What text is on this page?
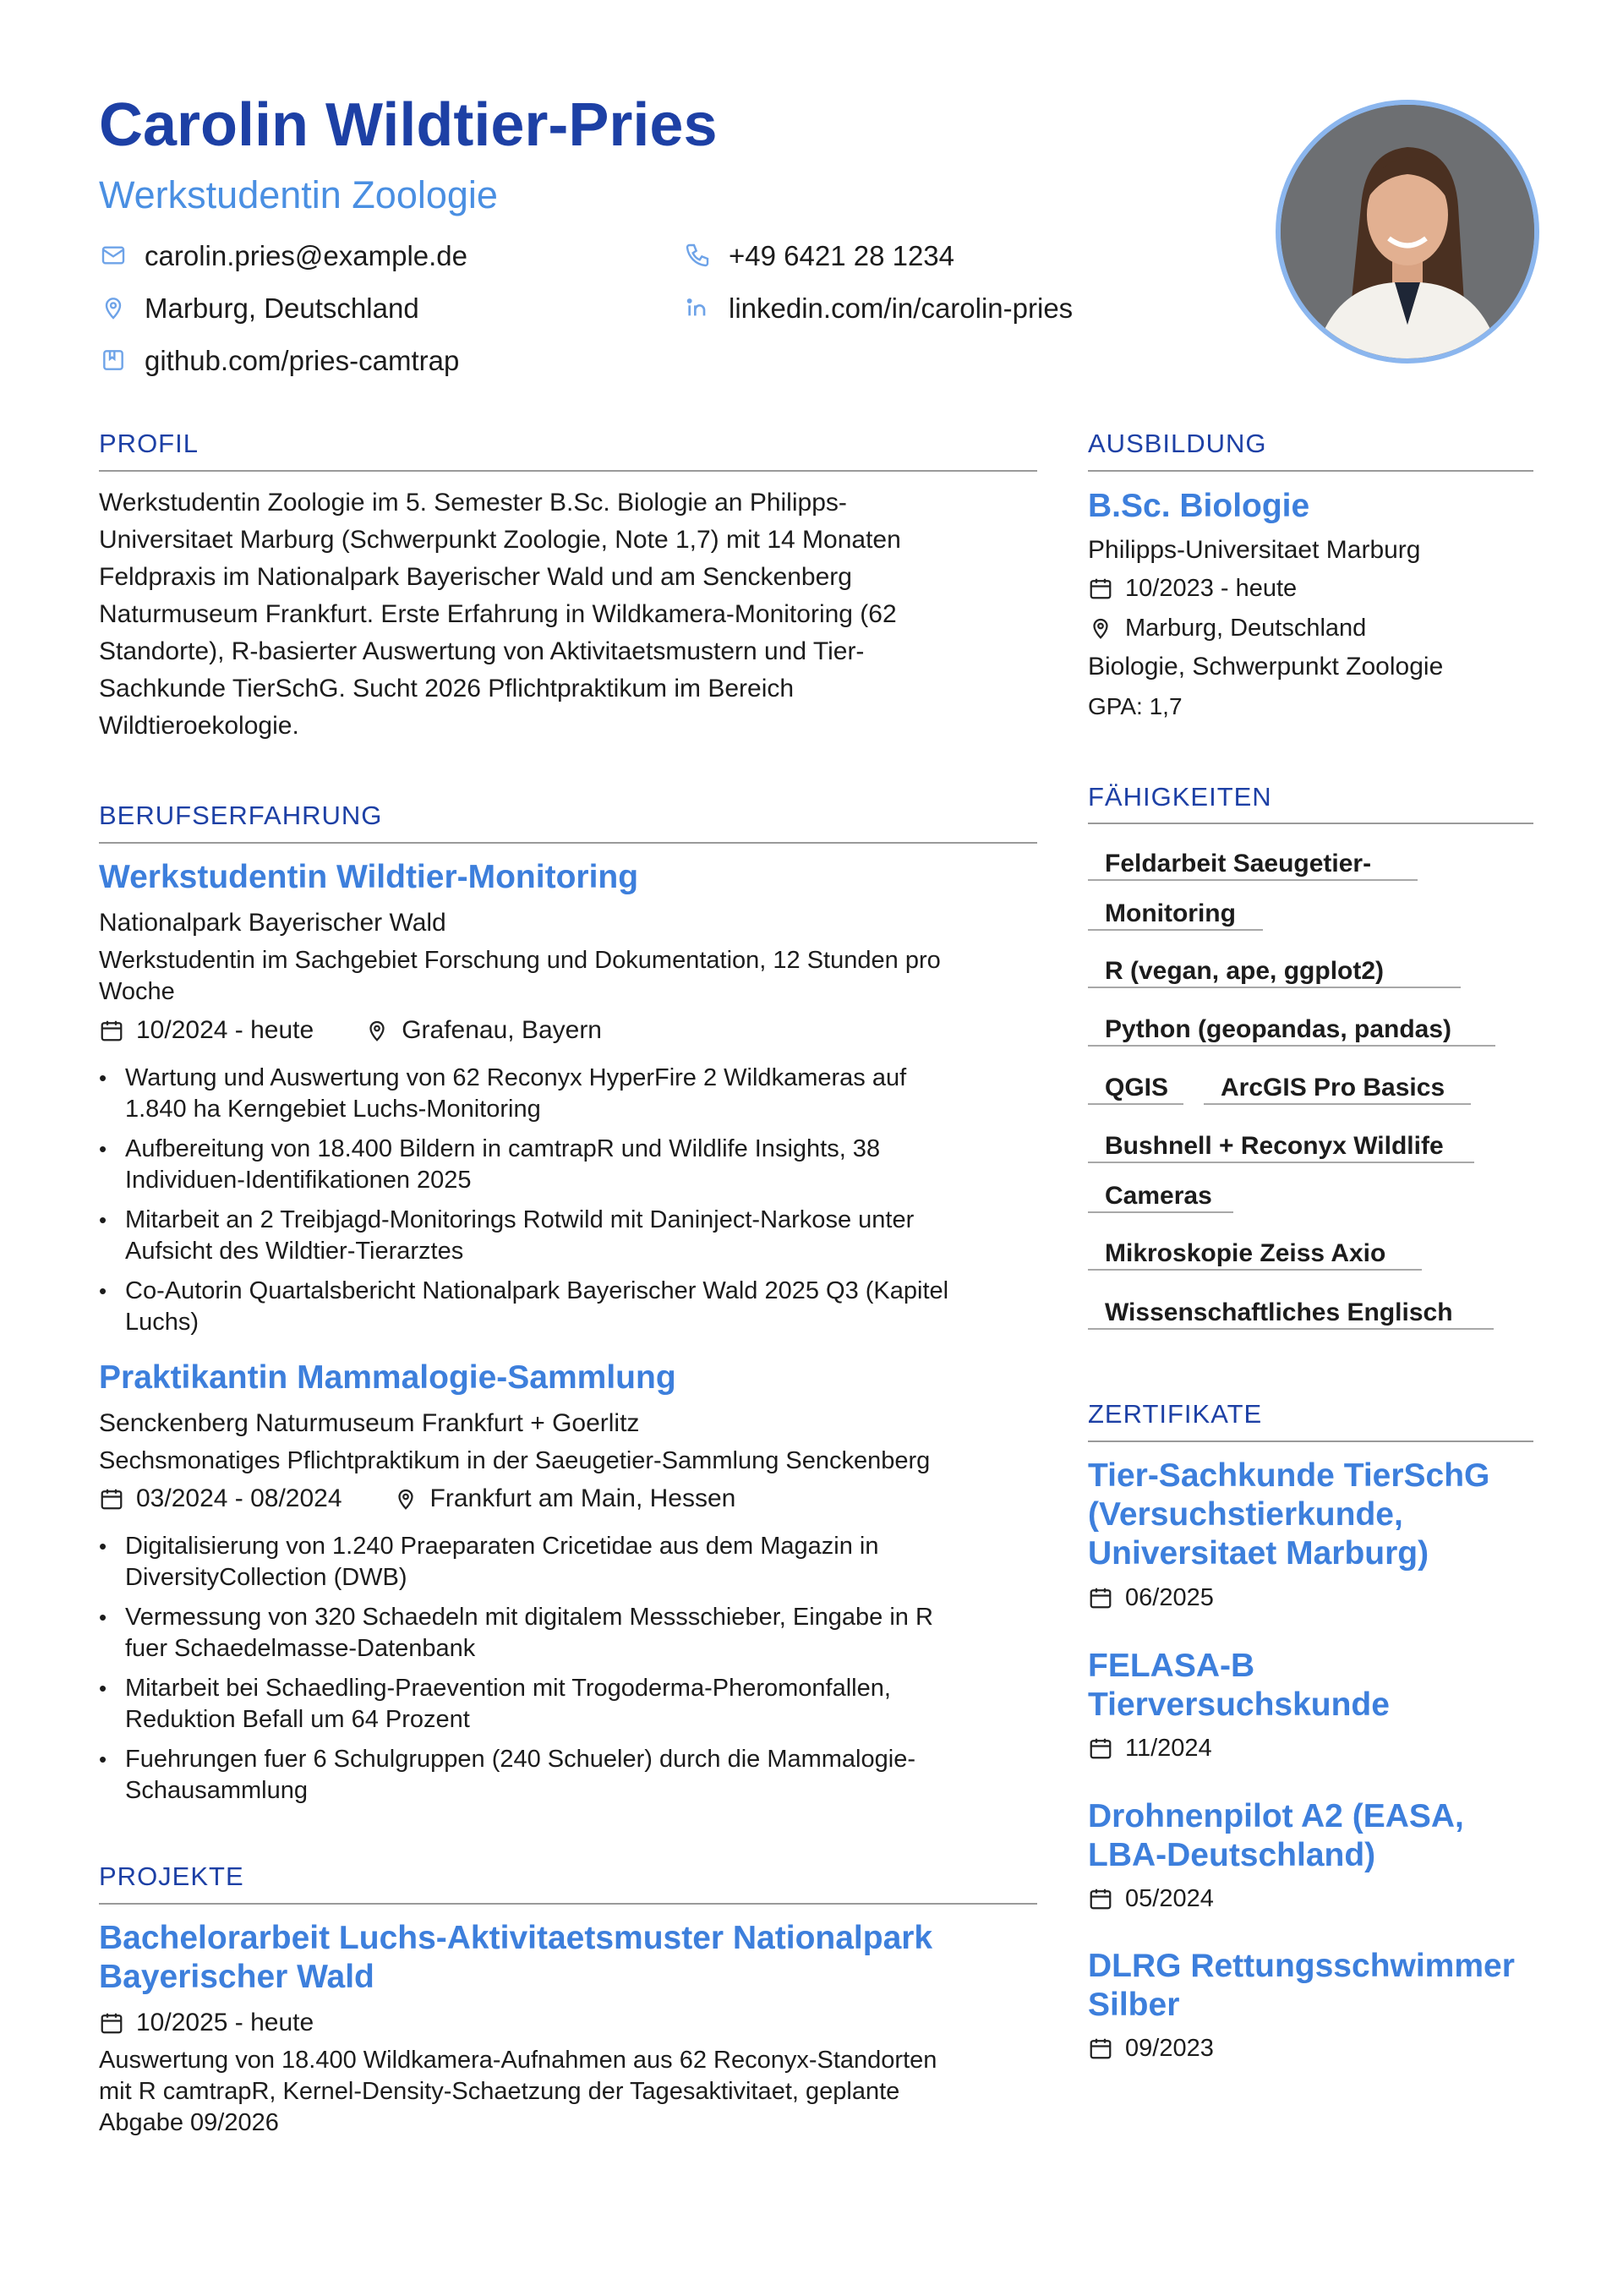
Carolin Wildtier-Pries
Werkstudentin Zoologie
carolin.pries@example.de	+49 6421 28 1234
Marburg, Deutschland	linkedin.com/in/carolin-pries
github.com/pries-camtrap
PROFIL
Werkstudentin Zoologie im 5. Semester B.Sc. Biologie an Philipps-
Universitaet Marburg (Schwerpunkt Zoologie, Note 1,7) mit 14 Monaten
Feldpraxis im Nationalpark Bayerischer Wald und am Senckenberg
Naturmuseum Frankfurt. Erste Erfahrung in Wildkamera-Monitoring (62
Standorte), R-basierter Auswertung von Aktivitaetsmustern und Tier-
Sachkunde TierSchG. Sucht 2026 Pflichtpraktikum im Bereich
Wildtieroekologie.
BERUFSERFAHRUNG
Werkstudentin Wildtier-Monitoring

Nationalpark Bayerischer Wald

Werkstudentin im Sachgebiet Forschung und Dokumentation, 12 Stunden pro
Woche
10/2024 - heute	Grafenau, Bayern
• Wartung und Auswertung von 62 Reconyx HyperFire 2 Wildkameras auf
1.840 ha Kerngebiet Luchs-Monitoring
• Aufbereitung von 18.400 Bildern in camtrapR und Wildlife Insights, 38
Individuen-Identifikationen 2025
• Mitarbeit an 2 Treibjagd-Monitorings Rotwild mit Daninject-Narkose unter
Aufsicht des Wildtier-Tierarztes
• Co-Autorin Quartalsbericht Nationalpark Bayerischer Wald 2025 Q3 (Kapitel
Luchs)
Praktikantin Mammalogie-Sammlung

Senckenberg Naturmuseum Frankfurt + Goerlitz

Sechsmonatiges Pflichtpraktikum in der Saeugetier-Sammlung Senckenberg
03/2024 - 08/2024	Frankfurt am Main, Hessen
• Digitalisierung von 1.240 Praeparaten Cricetidae aus dem Magazin in
DiversityCollection (DWB)
• Vermessung von 320 Schaedeln mit digitalem Messschieber, Eingabe in R
fuer Schaedelmasse-Datenbank
• Mitarbeit bei Schaedling-Praevention mit Trogoderma-Pheromonfallen,
Reduktion Befall um 64 Prozent
• Fuehrungen fuer 6 Schulgruppen (240 Schueler) durch die Mammalogie-
Schausammlung
PROJEKTE
Bachelorarbeit Luchs-Aktivitaetsmuster Nationalpark
Bayerischer Wald
10/2025 - heute
Auswertung von 18.400 Wildkamera-Aufnahmen aus 62 Reconyx-Standorten
mit R camtrapR, Kernel-Density-Schaetzung der Tagesaktivitaet, geplante
Abgabe 09/2026
AUSBILDUNG
B.Sc. Biologie

Philipps-Universitaet Marburg

10/2023 - heute
Marburg, Deutschland

Biologie, Schwerpunkt Zoologie

GPA: 1,7

FÄHIGKEITEN
Feldarbeit Saeugetier-
Monitoring
R (vegan, ape, ggplot2)
Python (geopandas, pandas)
QGIS	ArcGIS Pro Basics
Bushnell + Reconyx Wildlife
Cameras
Mikroskopie Zeiss Axio
Wissenschaftliches Englisch
ZERTIFIKATE
Tier-Sachkunde TierSchG
(Versuchstierkunde,
Universitaet Marburg)
06/2025
FELASA-B
Tierversuchskunde
11/2024
Drohnenpilot A2 (EASA,
LBA-Deutschland)
05/2024
DLRG Rettungsschwimmer
Silber
09/2023
